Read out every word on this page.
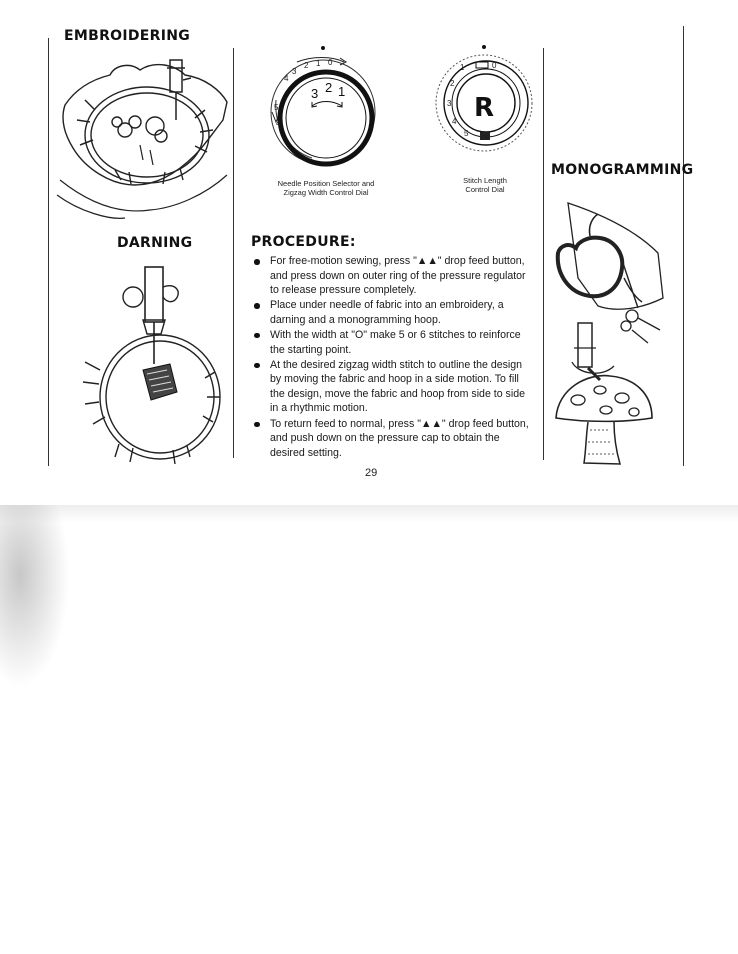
EMBROIDERING
DARNING	PROCEDURE:
MONOGRAMMING
4
3
2 1 0
5
4
3 2 1
Needle Position Selector and
Zigzag Width Control Dial
0
1
2
3
4
5
R
Stitch Length
Control Dial
For free-motion sewing, press "▲▲" drop feed button, and press down on outer ring of the pressure regulator to release pressure completely.
Place under needle of fabric into an embroidery, a darning and a monogramming hoop.
With the width at "O" make 5 or 6 stitches to reinforce the starting point.
At the desired zigzag width stitch to outline the design by moving the fabric and hoop in a side motion. To fill the design, move the fabric and hoop from side to side in a rhythmic motion.
To return feed to normal, press "▲▲" drop feed button, and push down on the pressure cap to obtain the desired setting.
29
